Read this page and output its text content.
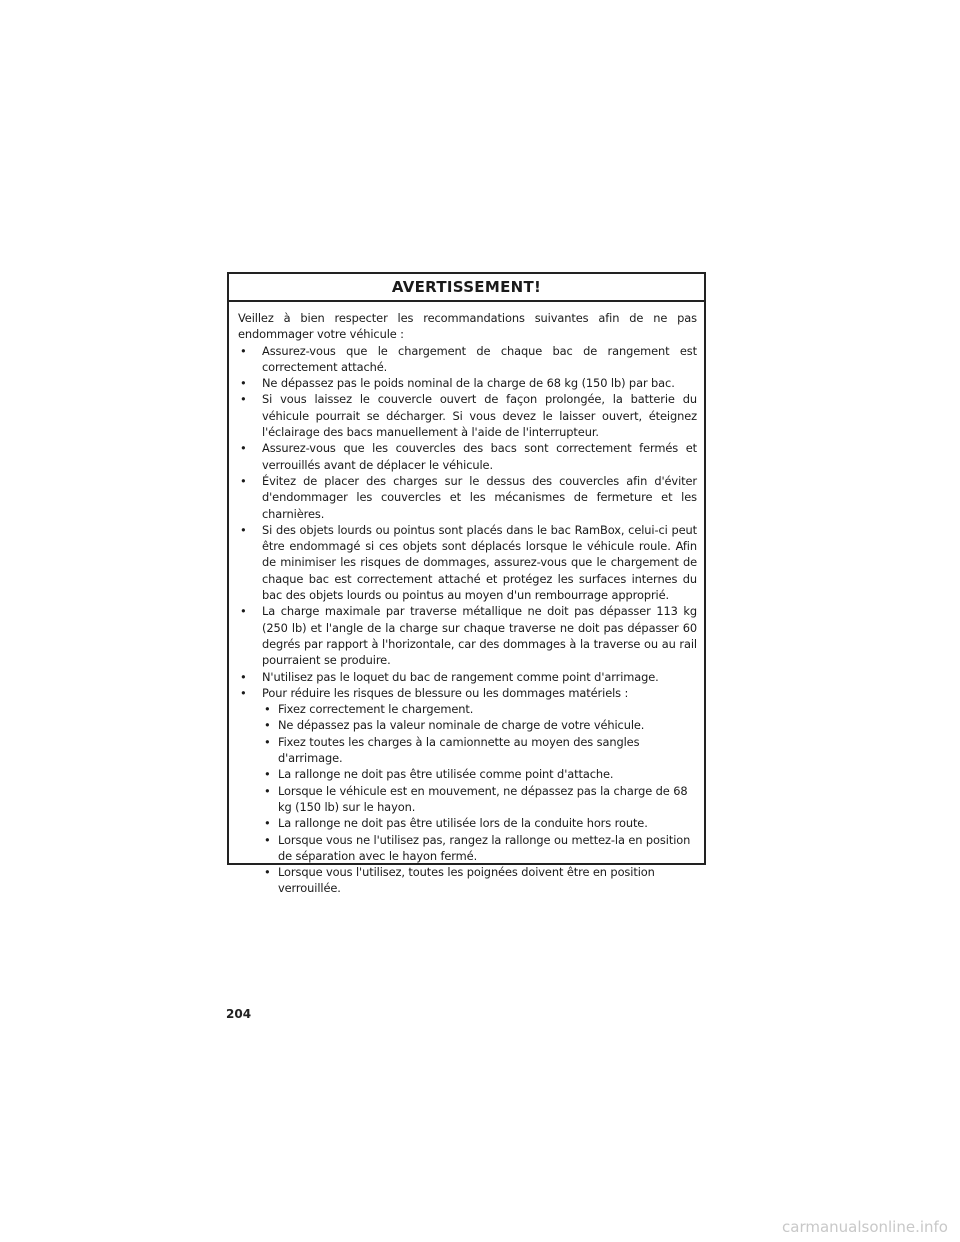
AVERTISSEMENT!

Veillez à bien respecter les recommandations suivantes afin de ne pas endommager votre véhicule :

• Assurez-vous que le chargement de chaque bac de rangement est correctement attaché.
• Ne dépassez pas le poids nominal de la charge de 68 kg (150 lb) par bac.
• Si vous laissez le couvercle ouvert de façon prolongée, la batterie du véhicule pourrait se décharger. Si vous devez le laisser ouvert, éteignez l'éclairage des bacs manuellement à l'aide de l'interrupteur.
• Assurez-vous que les couvercles des bacs sont correctement fermés et verrouillés avant de déplacer le véhicule.
• Évitez de placer des charges sur le dessus des couvercles afin d'éviter d'endommager les couvercles et les mécanismes de fermeture et les charnières.
• Si des objets lourds ou pointus sont placés dans le bac RamBox, celui-ci peut être endommagé si ces objets sont déplacés lorsque le véhicule roule. Afin de minimiser les risques de dommages, assurez-vous que le chargement de chaque bac est correctement attaché et protégez les surfaces internes du bac des objets lourds ou pointus au moyen d'un rembourrage approprié.
• La charge maximale par traverse métallique ne doit pas dépasser 113 kg (250 lb) et l'angle de la charge sur chaque traverse ne doit pas dépasser 60 degrés par rapport à l'horizontale, car des dommages à la traverse ou au rail pourraient se produire.
• N'utilisez pas le loquet du bac de rangement comme point d'arrimage.
• Pour réduire les risques de blessure ou les dommages matériels :
• Fixez correctement le chargement.
• Ne dépassez pas la valeur nominale de charge de votre véhicule.
• Fixez toutes les charges à la camionnette au moyen des sangles d'arrimage.
• La rallonge ne doit pas être utilisée comme point d'attache.
• Lorsque le véhicule est en mouvement, ne dépassez pas la charge de 68 kg (150 lb) sur le hayon.
• La rallonge ne doit pas être utilisée lors de la conduite hors route.
• Lorsque vous ne l'utilisez pas, rangez la rallonge ou mettez-la en position de séparation avec le hayon fermé.
• Lorsque vous l'utilisez, toutes les poignées doivent être en position verrouillée.
204
carmanualsonline.info
